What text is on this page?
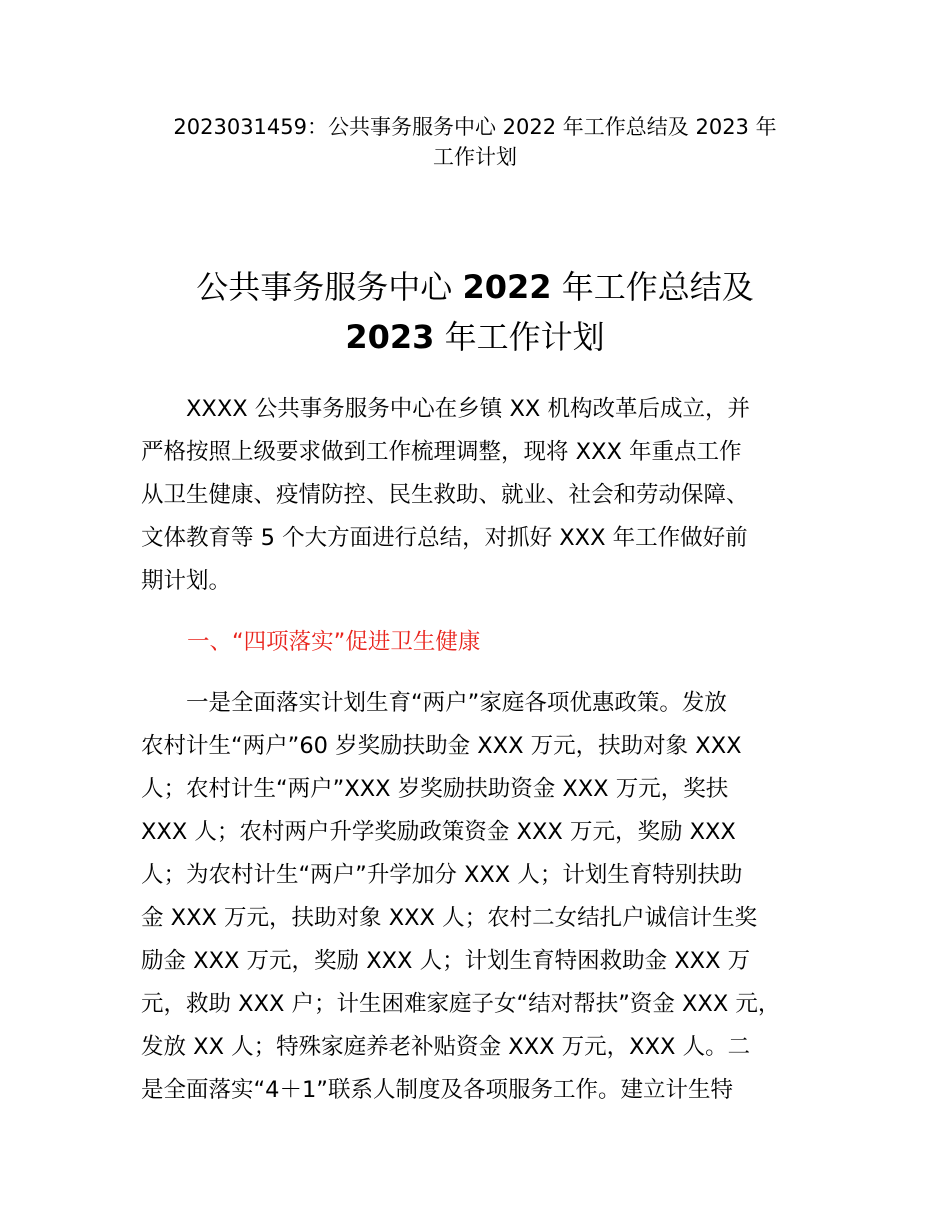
2023031459：公共事务服务中心 2022 年工作总结及 2023 年
工作计划
公共事务服务中心 2022 年工作总结及
2023 年工作计划
　　XXXX 公共事务服务中心在乡镇 XX 机构改革后成立，并
严格按照上级要求做到工作梳理调整，现将 XXX 年重点工作
从卫生健康、疫情防控、民生救助、就业、社会和劳动保障、
文体教育等 5 个大方面进行总结，对抓好 XXX 年工作做好前
期计划。
一、“四项落实”促进卫生健康
　　一是全面落实计划生育“两户”家庭各项优惠政策。发放
农村计生“两户”60 岁奖励扶助金 XXX 万元，扶助对象 XXX
人；农村计生“两户”XXX 岁奖励扶助资金 XXX 万元，奖扶
XXX 人；农村两户升学奖励政策资金 XXX 万元，奖励 XXX
人；为农村计生“两户”升学加分 XXX 人；计划生育特别扶助
金 XXX 万元，扶助对象 XXX 人；农村二女结扎户诚信计生奖
励金 XXX 万元，奖励 XXX 人；计划生育特困救助金 XXX 万
元，救助 XXX 户；计生困难家庭子女“结对帮扶”资金 XXX 元，
发放 XX 人；特殊家庭养老补贴资金 XXX 万元，XXX 人。二
是全面落实“4＋1”联系人制度及各项服务工作。建立计生特
